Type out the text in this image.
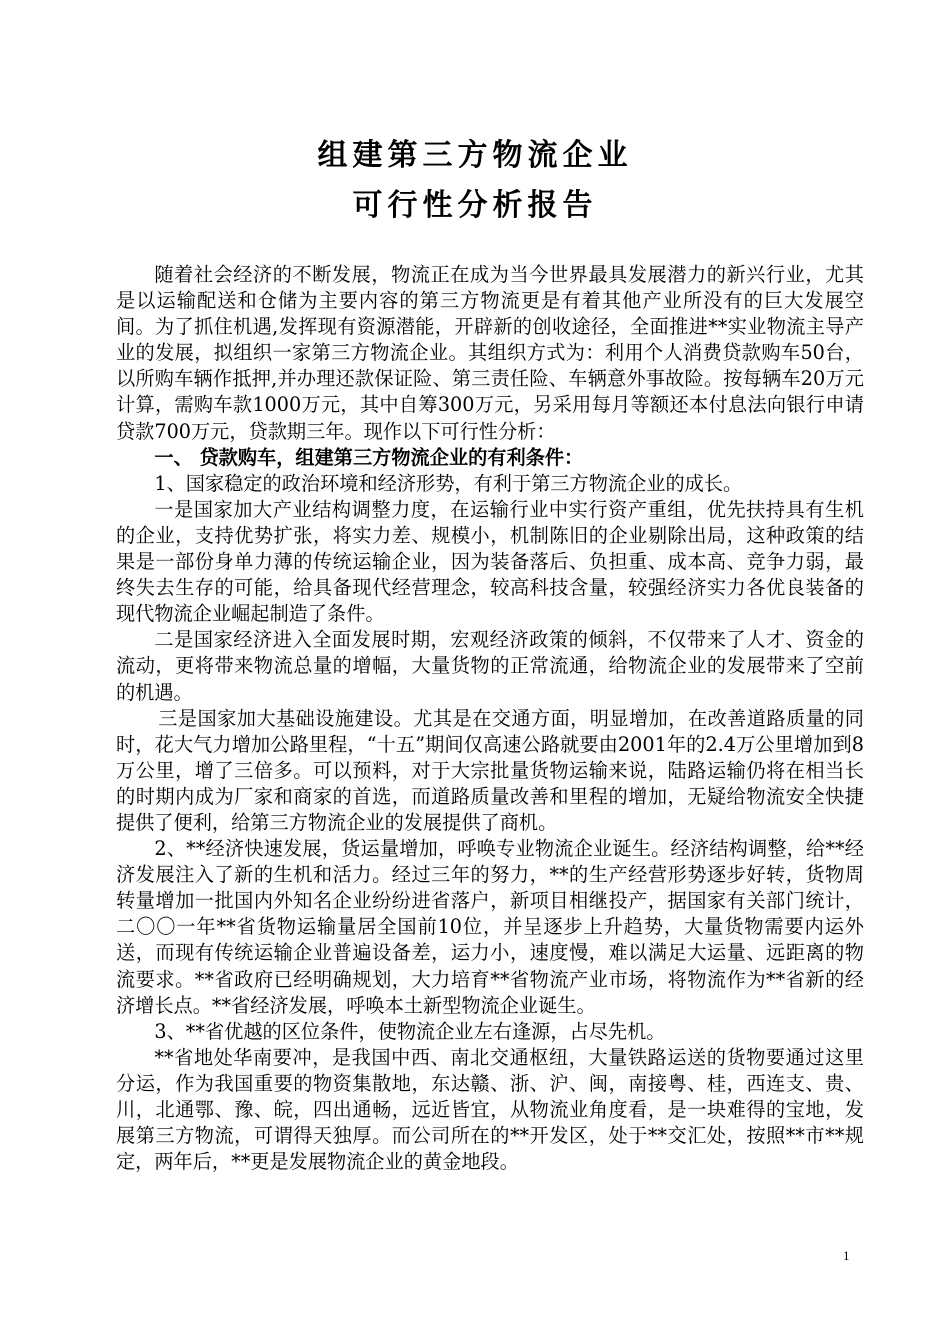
组建第三方物流企业
可行性分析报告

随着社会经济的不断发展，物流正在成为当今世界最具发展潜力的新兴行业，尤其是以运输配送和仓储为主要内容的第三方物流更是有着其他产业所没有的巨大发展空间。为了抓住机遇,发挥现有资源潜能，开辟新的创收途径，全面推进**实业物流主导产业的发展，拟组织一家第三方物流企业。其组织方式为：利用个人消费贷款购车50台，以所购车辆作抵押,并办理还款保证险、第三责任险、车辆意外事故险。按每辆车20万元计算，需购车款1000万元，其中自筹300万元，另采用每月等额还本付息法向银行申请贷款700万元，贷款期三年。现作以下可行性分析：

一、 贷款购车，组建第三方物流企业的有利条件：

1、国家稳定的政治环境和经济形势，有利于第三方物流企业的成长。

一是国家加大产业结构调整力度，在运输行业中实行资产重组，优先扶持具有生机的企业，支持优势扩张，将实力差、规模小，机制陈旧的企业剔除出局，这种政策的结果是一部份身单力薄的传统运输企业，因为装备落后、负担重、成本高、竞争力弱，最终失去生存的可能，给具备现代经营理念，较高科技含量，较强经济实力各优良装备的现代物流企业崛起制造了条件。

二是国家经济进入全面发展时期，宏观经济政策的倾斜，不仅带来了人才、资金的流动，更将带来物流总量的增幅，大量货物的正常流通，给物流企业的发展带来了空前的机遇。

三是国家加大基础设施建设。尤其是在交通方面，明显增加，在改善道路质量的同时，花大气力增加公路里程，“十五”期间仅高速公路就要由2001年的2.4万公里增加到8万公里，增了三倍多。可以预料，对于大宗批量货物运输来说，陆路运输仍将在相当长的时期内成为厂家和商家的首选，而道路质量改善和里程的增加，无疑给物流安全快捷提供了便利，给第三方物流企业的发展提供了商机。

2、**经济快速发展，货运量增加，呼唤专业物流企业诞生。经济结构调整，给**经济发展注入了新的生机和活力。经过三年的努力，**的生产经营形势逐步好转，货物周转量增加一批国内外知名企业纷纷进省落户，新项目相继投产，据国家有关部门统计，二〇〇一年**省货物运输量居全国前10位，并呈逐步上升趋势，大量货物需要内运外送，而现有传统运输企业普遍设备差，运力小，速度慢，难以满足大运量、远距离的物流要求。**省政府已经明确规划，大力培育**省物流产业市场，将物流作为**省新的经济增长点。**省经济发展，呼唤本土新型物流企业诞生。

3、**省优越的区位条件，使物流企业左右逢源，占尽先机。

**省地处华南要冲，是我国中西、南北交通枢纽，大量铁路运送的货物要通过这里分运，作为我国重要的物资集散地，东达赣、浙、沪、闽，南接粤、桂，西连支、贵、川，北通鄂、豫、皖，四出通畅，远近皆宜，从物流业角度看，是一块难得的宝地，发展第三方物流，可谓得天独厚。而公司所在的**开发区，处于**交汇处，按照**市**规定，两年后，**更是发展物流企业的黄金地段。

1
